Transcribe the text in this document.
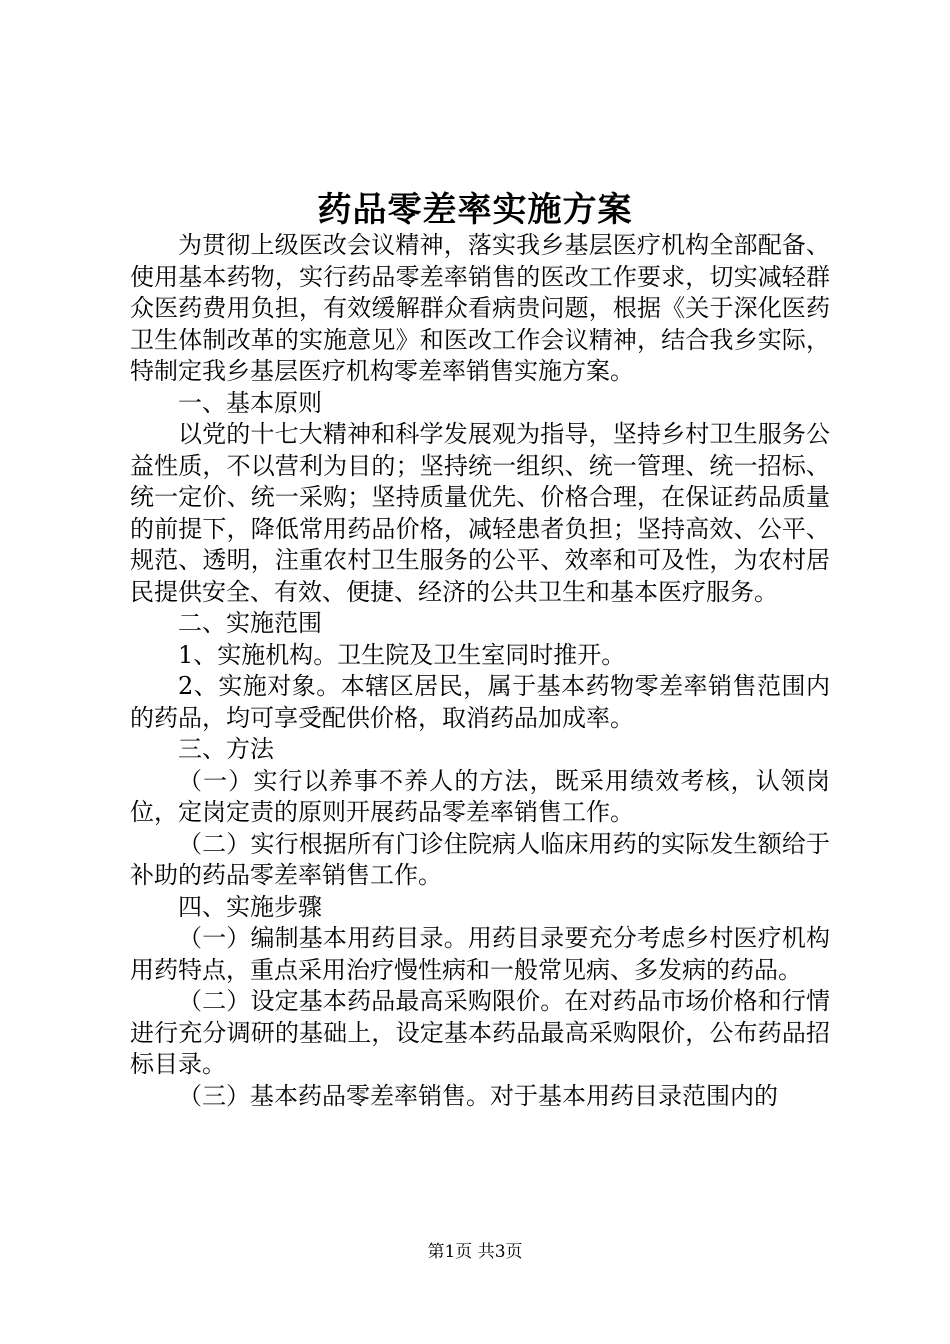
药品零差率实施方案

为贯彻上级医改会议精神，落实我乡基层医疗机构全部配备、使用基本药物，实行药品零差率销售的医改工作要求，切实减轻群众医药费用负担，有效缓解群众看病贵问题，根据《关于深化医药卫生体制改革的实施意见》和医改工作会议精神，结合我乡实际，特制定我乡基层医疗机构零差率销售实施方案。

一、基本原则

以党的十七大精神和科学发展观为指导，坚持乡村卫生服务公益性质，不以营利为目的；坚持统一组织、统一管理、统一招标、统一定价、统一采购；坚持质量优先、价格合理，在保证药品质量的前提下，降低常用药品价格，减轻患者负担；坚持高效、公平、规范、透明，注重农村卫生服务的公平、效率和可及性，为农村居民提供安全、有效、便捷、经济的公共卫生和基本医疗服务。

二、实施范围

1、实施机构。卫生院及卫生室同时推开。

2、实施对象。本辖区居民，属于基本药物零差率销售范围内的药品，均可享受配供价格，取消药品加成率。

三、方法

（一）实行以养事不养人的方法，既采用绩效考核，认领岗位，定岗定责的原则开展药品零差率销售工作。

（二）实行根据所有门诊住院病人临床用药的实际发生额给于补助的药品零差率销售工作。

四、实施步骤

（一）编制基本用药目录。用药目录要充分考虑乡村医疗机构用药特点，重点采用治疗慢性病和一般常见病、多发病的药品。

（二）设定基本药品最高采购限价。在对药品市场价格和行情进行充分调研的基础上，设定基本药品最高采购限价，公布药品招标目录。

（三）基本药品零差率销售。对于基本用药目录范围内的

第1页 共3页
